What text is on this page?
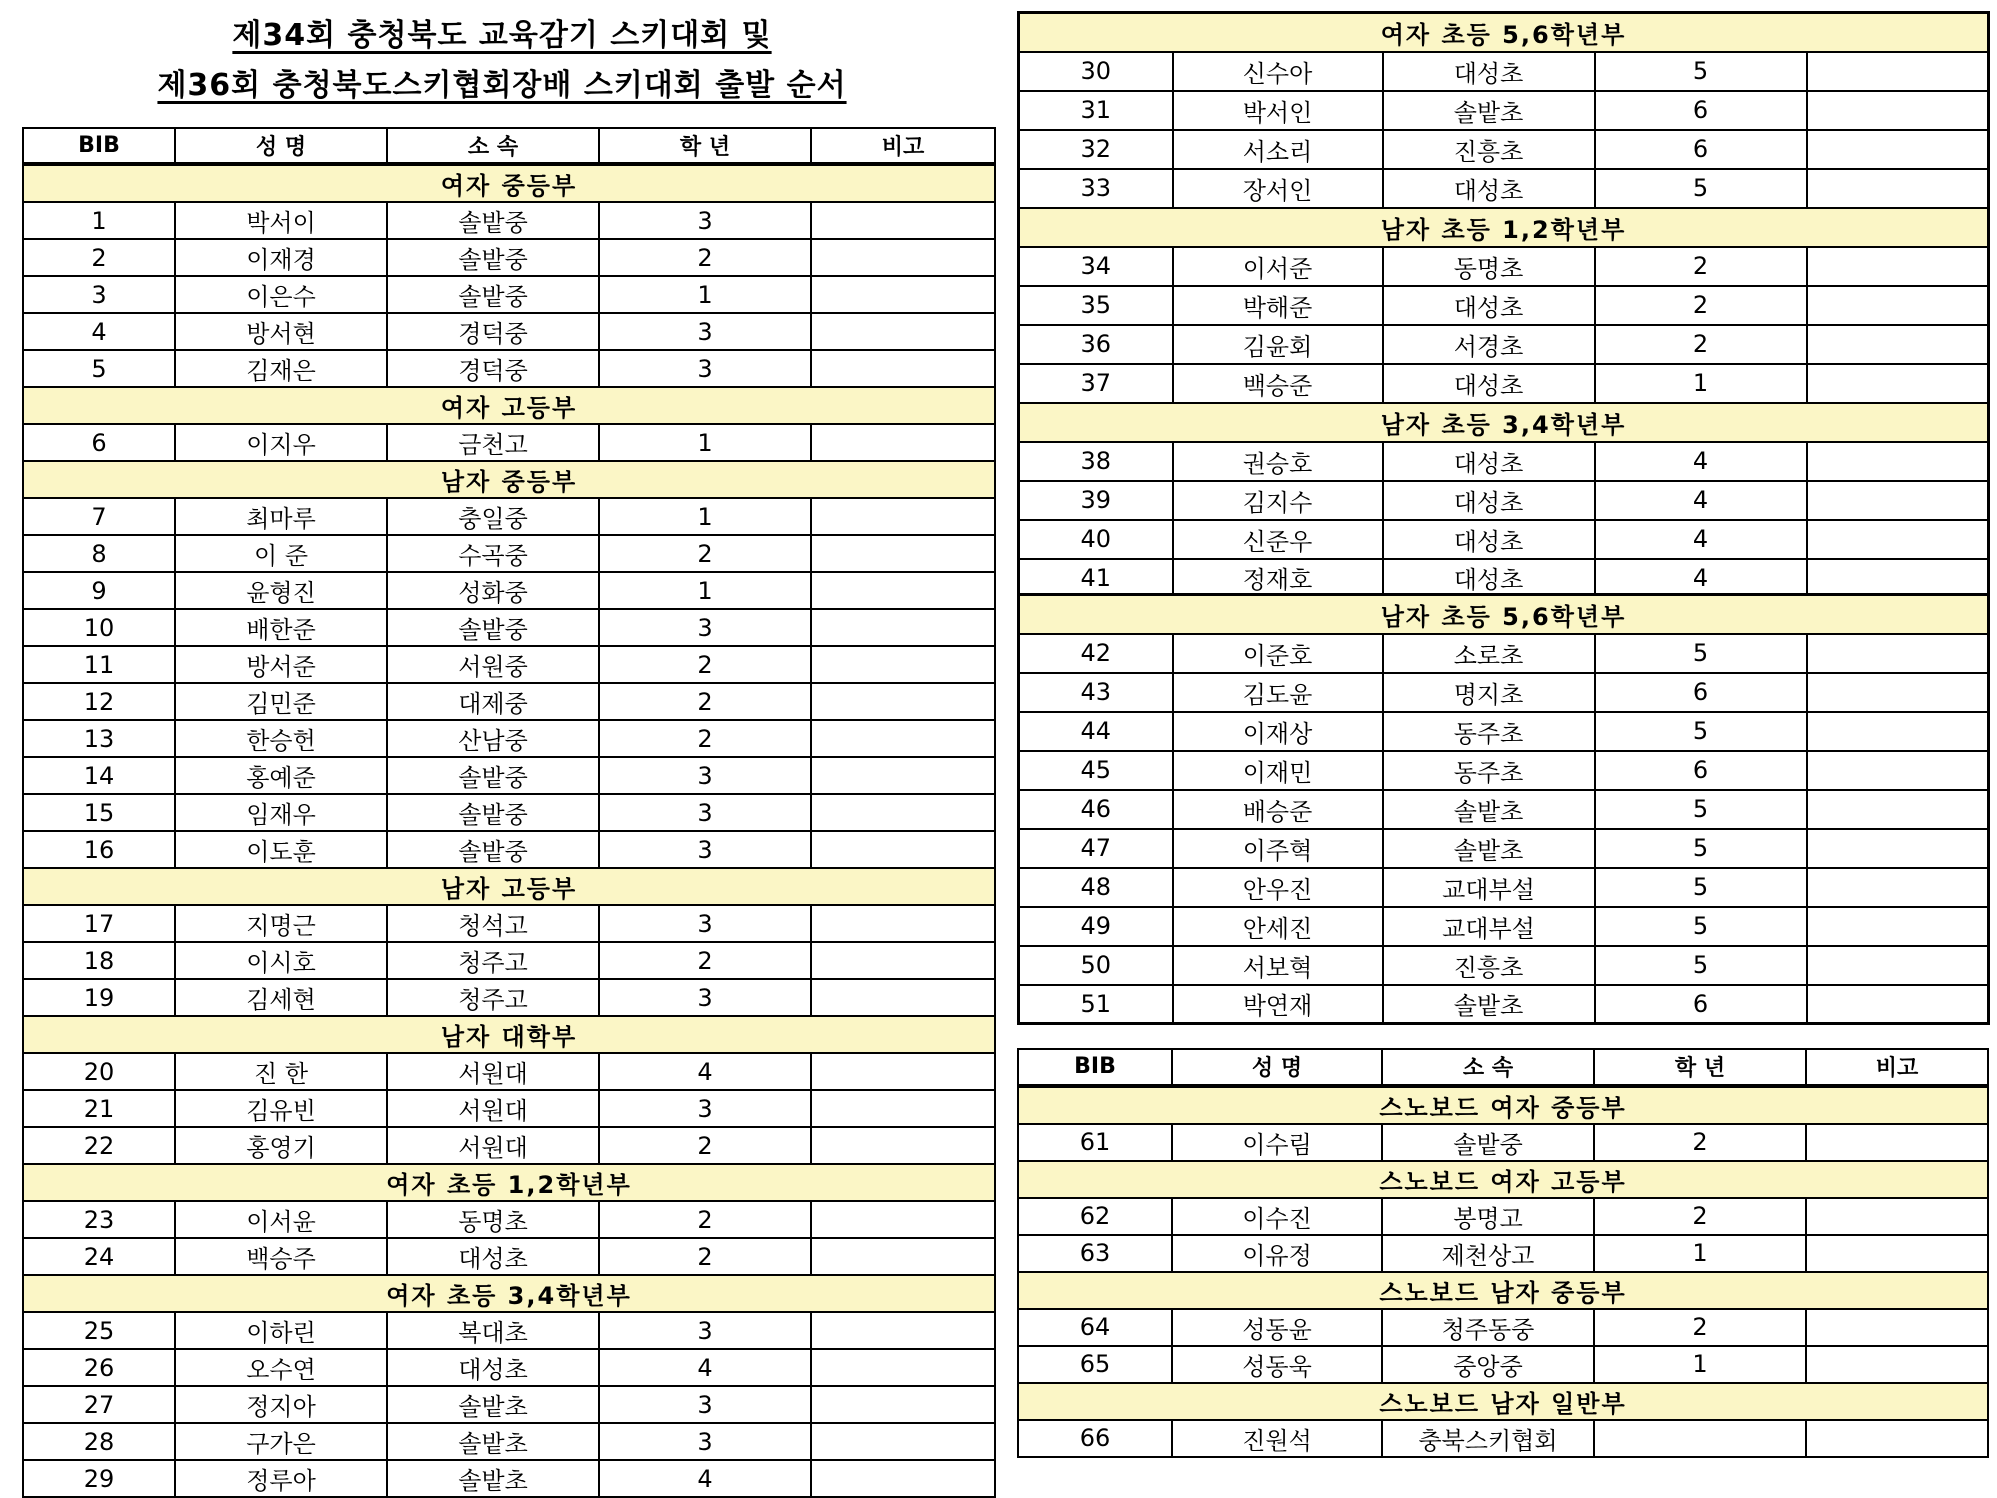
제34회 충청북도 교육감기 스키대회 및
제36회 충청북도스키협회장배 스키대회 출발 순서
BIB	성 명	소 속	학 년	비고
여자 중등부				
1	박서이	솔밭중	3	
2	이재경	솔밭중	2	
3	이은수	솔밭중	1	
4	방서현	경덕중	3	
5	김재은	경덕중	3	
여자 고등부				
6	이지우	금천고	1	
남자 중등부				
7	최마루	충일중	1	
8	이 준	수곡중	2	
9	윤형진	성화중	1	
10	배한준	솔밭중	3	
11	방서준	서원중	2	
12	김민준	대제중	2	
13	한승헌	산남중	2	
14	홍예준	솔밭중	3	
15	임재우	솔밭중	3	
16	이도훈	솔밭중	3	
남자 고등부				
17	지명근	청석고	3	
18	이시호	청주고	2	
19	김세현	청주고	3	
남자 대학부				
20	진 한	서원대	4	
21	김유빈	서원대	3	
22	홍영기	서원대	2	
여자 초등 1,2학년부				
23	이서윤	동명초	2	
24	백승주	대성초	2	
여자 초등 3,4학년부				
25	이하린	복대초	3	
26	오수연	대성초	4	
27	정지아	솔밭초	3	
28	구가은	솔밭초	3	
29	정루아	솔밭초	4	
여자 초등 5,6학년부				
30	신수아	대성초	5	
31	박서인	솔밭초	6	
32	서소리	진흥초	6	
33	장서인	대성초	5	
남자 초등 1,2학년부				
34	이서준	동명초	2	
35	박해준	대성초	2	
36	김윤회	서경초	2	
37	백승준	대성초	1	
남자 초등 3,4학년부				
38	권승호	대성초	4	
39	김지수	대성초	4	
40	신준우	대성초	4	
41	정재호	대성초	4	
남자 초등 5,6학년부				
42	이준호	소로초	5	
43	김도윤	명지초	6	
44	이재상	동주초	5	
45	이재민	동주초	6	
46	배승준	솔밭초	5	
47	이주혁	솔밭초	5	
48	안우진	교대부설	5	
49	안세진	교대부설	5	
50	서보혁	진흥초	5	
51	박연재	솔밭초	6	
BIB	성 명	소 속	학 년	비고
스노보드 여자 중등부				
61	이수림	솔밭중	2	
스노보드 여자 고등부				
62	이수진	봉명고	2	
63	이유정	제천상고	1	
스노보드 남자 중등부				
64	성동윤	청주동중	2	
65	성동욱	중앙중	1	
스노보드 남자 일반부				
66	진원석	충북스키협회		
